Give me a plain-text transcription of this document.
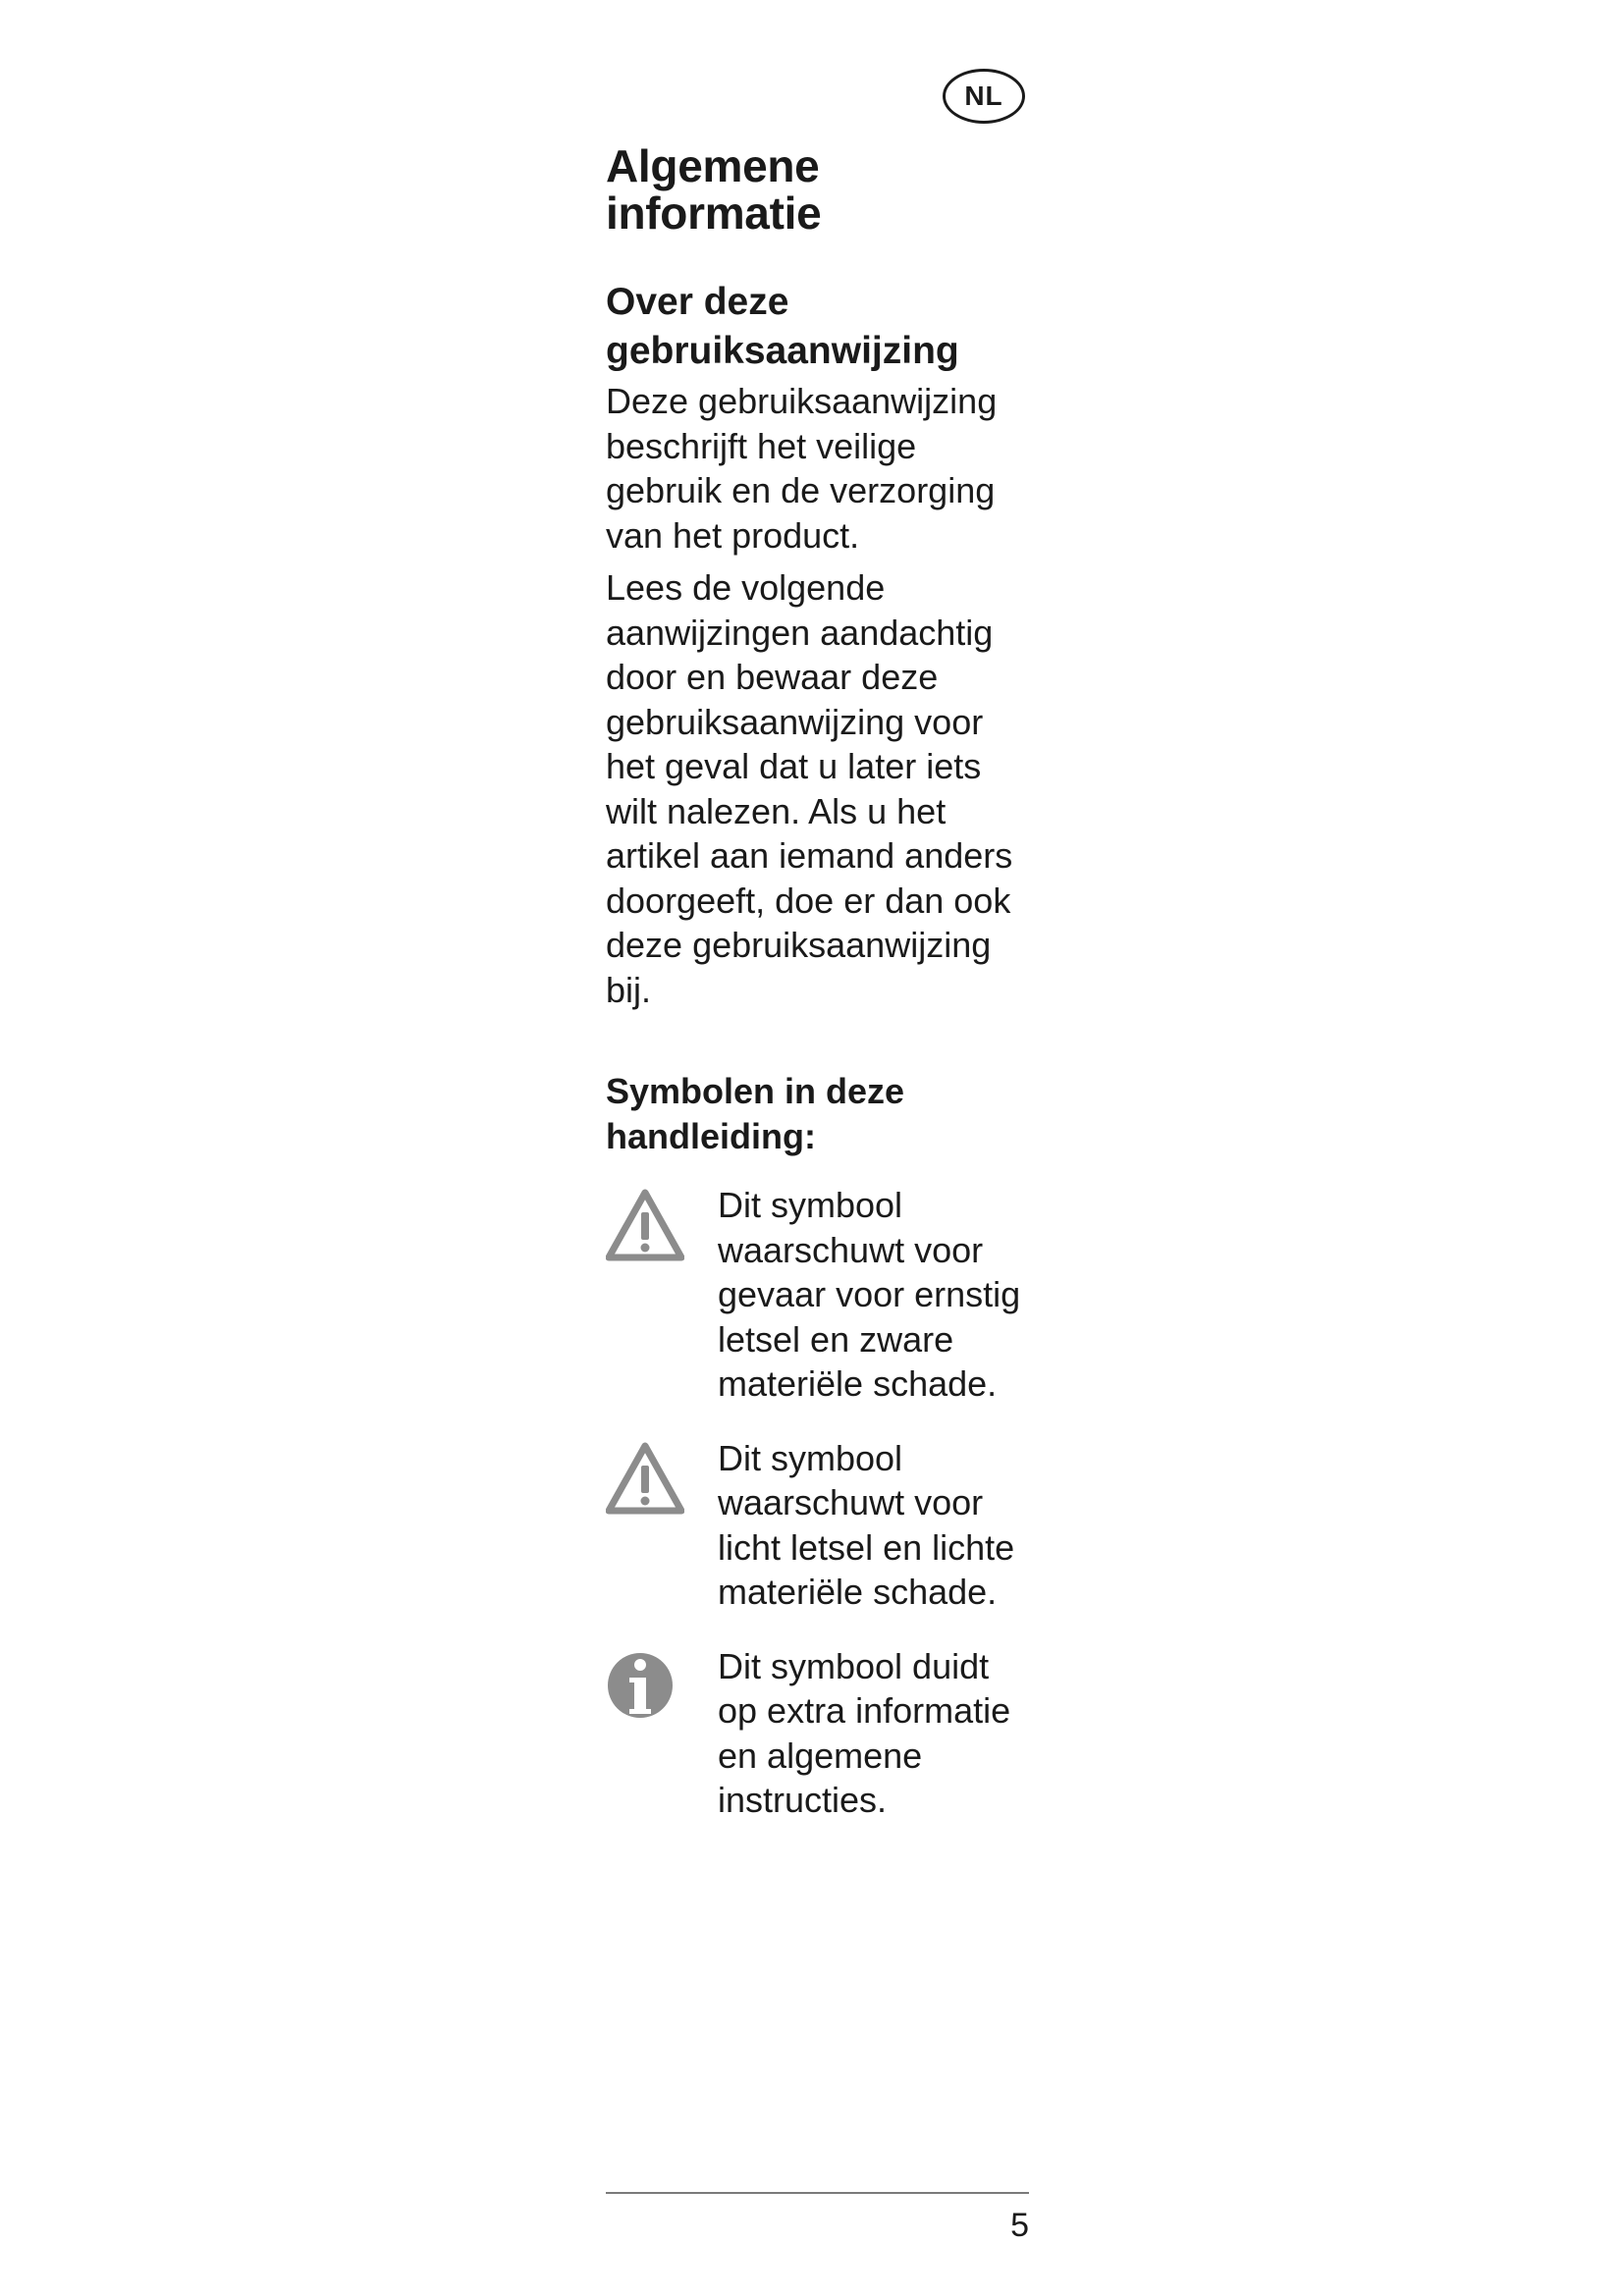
NL
Algemene informatie
Over deze gebruiksaanwijzing

Deze gebruiksaanwijzing beschrijft het veilige gebruik en de verzorging van het product.

Lees de volgende aanwijzingen aandachtig door en bewaar deze gebruiksaanwijzing voor het geval dat u later iets wilt nalezen. Als u het artikel aan iemand anders doorgeeft, doe er dan ook deze gebruiksaanwijzing bij.

Symbolen in deze handleiding:
Dit symbool waarschuwt voor gevaar voor ernstig letsel en zware materiële schade.
Dit symbool waarschuwt voor licht letsel en lichte materiële schade.
Dit symbool duidt op extra informatie en algemene instructies.
5
